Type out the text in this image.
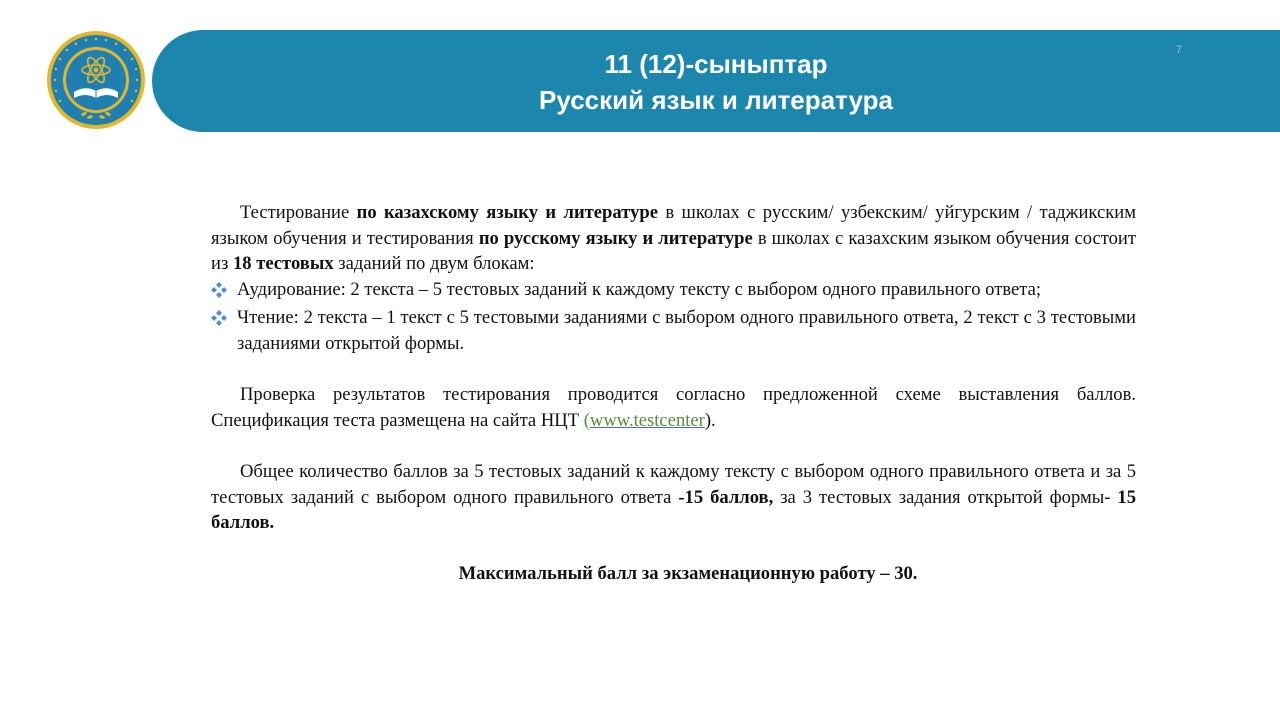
7
11 (12)-сыныптар
Русский язык и литература

Тестирование по казахскому языку и литературе в школах с русским/ узбекским/ уйгурским / таджикским языком обучения и тестирования по русскому языку и литературе в школах с казахским языком обучения состоит из 18 тестовых заданий по двум блокам:

Аудирование: 2 текста – 5 тестовых заданий к каждому тексту с выбором одного правильного ответа;
Чтение: 2 текста – 1 текст с 5 тестовыми заданиями с выбором одного правильного ответа, 2 текст с 3 тестовыми заданиями открытой формы.

Проверка результатов тестирования проводится согласно предложенной схеме выставления баллов. Спецификация теста размещена на сайта НЦТ (www.testcenter).

Общее количество баллов за 5 тестовых заданий к каждому тексту с выбором одного правильного ответа и за 5 тестовых заданий с выбором одного правильного ответа -15 баллов, за 3 тестовых задания открытой формы- 15 баллов.

Максимальный балл за экзаменационную работу – 30.
